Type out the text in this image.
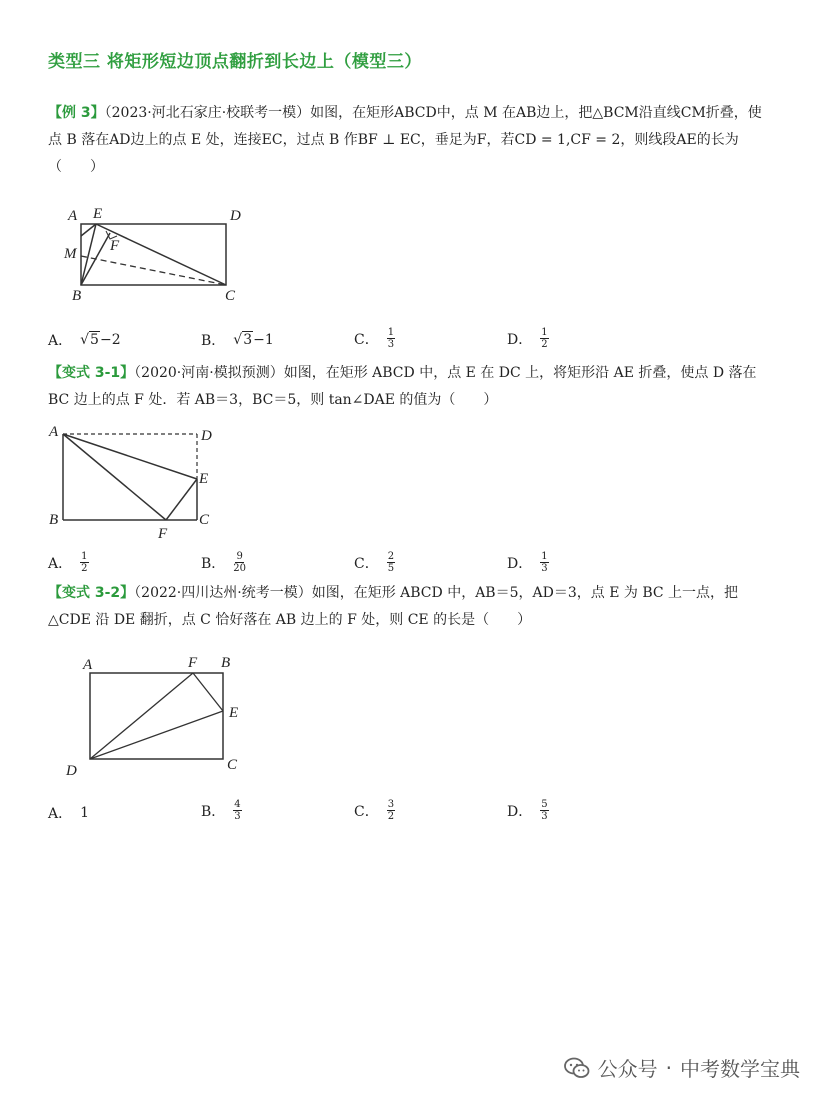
类型三 将矩形短边顶点翻折到长边上（模型三）
【例 3】（2023·河北石家庄·校联考一模）如图，在矩形ABCD中，点 M 在AB边上，把△BCM沿直线CM折叠，使点 B 落在AD边上的点 E 处，连接EC，过点 B 作BF ⊥ EC，垂足为F，若CD = 1,CF = 2，则线段AE的长为（　　）
A E	D
F
M
B	C
A． √5 −2	B． √3 −1	C． $\frac{1}{3}$	D． $\frac{1}{2}$
【变式 3-1】（2020·河南·模拟预测）如图，在矩形 ABCD 中，点 E 在 DC 上，将矩形沿 AE 折叠，使点 D 落在 BC 边上的点 F 处．若 AB＝3，BC＝5，则 tan∠DAE 的值为（　　）
A	D
E
B
F
C
A． $\frac{1}{2}$	B． $\frac{9}{20}$	C． $\frac{2}{5}$	D． $\frac{1}{3}$
【变式 3-2】（2022·四川达州·统考一模）如图，在矩形 ABCD 中，AB＝5，AD＝3，点 E 为 BC 上一点，把△CDE 沿 DE 翻折，点 C 恰好落在 AB 边上的 F 处，则 CE 的长是（　　）
A	F B
E
D	C
A． 1	B． $\frac{4}{3}$	C． $\frac{3}{2}$	D． $\frac{5}{3}$
公众号 · 中考数学宝典
